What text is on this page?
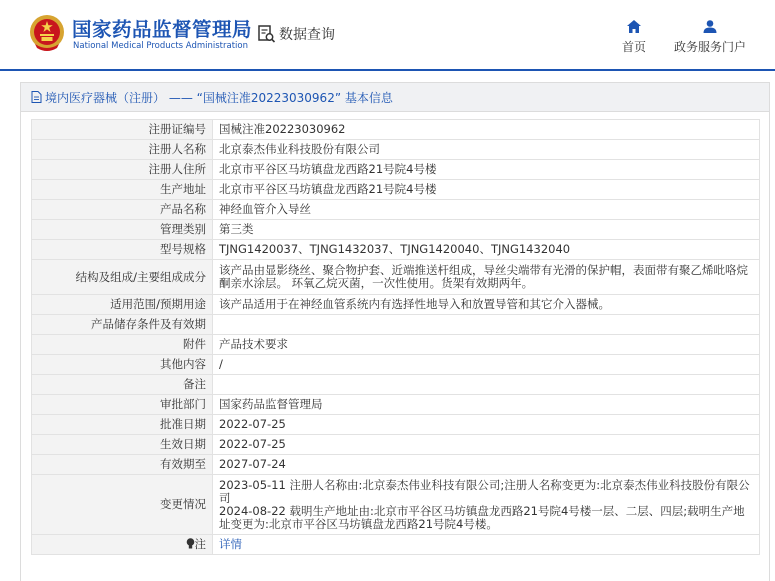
国家药品监督管理局
National Medical Products Administration
数据查询
首页 政务服务门户
境内医疗器械（注册） —— “国械注准20223030962” 基本信息
注册证编号	国械注准20223030962
注册人名称	北京泰杰伟业科技股份有限公司
注册人住所	北京市平谷区马坊镇盘龙西路21号院4号楼
生产地址	北京市平谷区马坊镇盘龙西路21号院4号楼
产品名称	神经血管介入导丝
管理类别	第三类
型号规格	TJNG1420037、TJNG1432037、TJNG1420040、TJNG1432040
结构及组成/主要组成成分	该产品由显影绕丝、聚合物护套、近端推送杆组成，导丝尖端带有光滑的保护帽，表面带有聚乙烯吡咯烷酮亲水涂层。 环氧乙烷灭菌，一次性使用。货架有效期两年。
适用范围/预期用途	该产品适用于在神经血管系统内有选择性地导入和放置导管和其它介入器械。
产品储存条件及有效期	
附件	产品技术要求
其他内容	/
备注	
审批部门	国家药品监督管理局
批准日期	2022-07-25
生效日期	2022-07-25
有效期至	2027-07-24
变更情况	2023-05-11 注册人名称由:北京泰杰伟业科技有限公司;注册人名称变更为:北京泰杰伟业科技股份有限公司
2024-08-22 载明生产地址由:北京市平谷区马坊镇盘龙西路21号院4号楼一层、二层、四层;载明生产地址变更为:北京市平谷区马坊镇盘龙西路21号院4号楼。
注	详情
